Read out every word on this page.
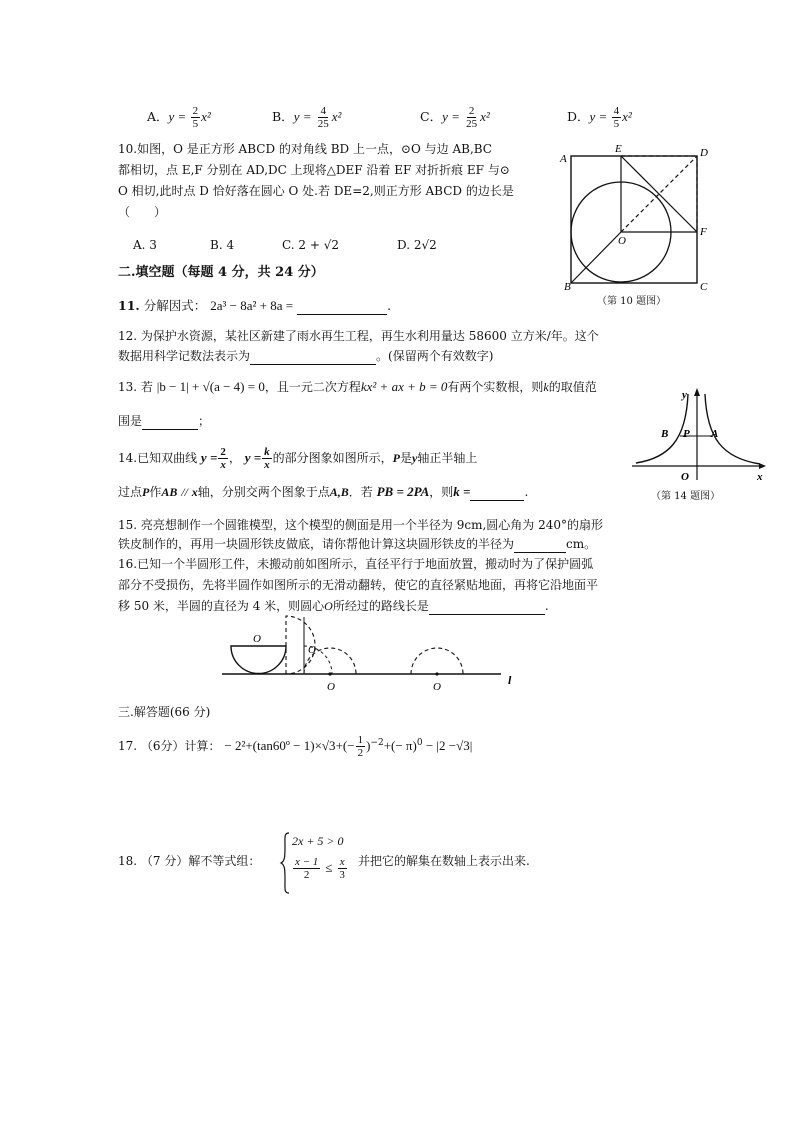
A．$y = \frac{2}{5} x^2$	B．$y = \frac{4}{25} x^2$	C．$y = \frac{2}{25} x^2$	D．$y = \frac{4}{5} x^2$
10.如图，O 是正方形 ABCD 的对角线 BD 上一点，⊙O 与边 AB,BC
都相切，点 E,F 分别在 AD,DC 上现将△DEF 沿着 EF 对折折痕 EF 与⊙
O 相切,此时点 D 恰好落在圆心 O 处.若 DE=2,则正方形 ABCD 的边长是
（　　）
A. 3	B. 4	C. 2 + √2	D. 2√2
A
E	D
O
F
B	C
（第 10 题图）
二.填空题（每题 4 分，共 24 分）
11. 分解因式： 2a³ − 8a² + 8a =	.
12. 为保护水资源，某社区新建了雨水再生工程，再生水利用量达 58600 立方米/年。这个
数据用科学记数法表示为	。(保留两个有效数字)
13. 若 |b − 1| + √(a − 4) = 0，且一元二次方程kx² + ax + b = 0有两个实数根，则k的取值范
围是	；
14.已知双曲线 $y = \frac{2}{x}$ ， $y = \frac{k}{x}$ 的部分图象如图所示，P是y轴正半轴上
过点P作AB // x轴，分别交两个图象于点A,B．若 PB = 2PA，则k =	.
y
B P A
O	x
（第 14 题图）
15. 亮亮想制作一个圆锥模型，这个模型的侧面是用一个半径为 9cm,圆心角为 240°的扇形
铁皮制作的，再用一块圆形铁皮做底，请你帮他计算这块圆形铁皮的半径为	cm。
16.已知一个半圆形工件，未搬动前如图所示，直径平行于地面放置，搬动时为了保护圆弧
部分不受损伤，先将半圆作如图所示的无滑动翻转，使它的直径紧贴地面，再将它沿地面平
移 50 米，半圆的直径为 4 米，则圆心O所经过的路线长是	.
O
O
O	O	l
三.解答题(66 分)
17. （6分）计算： − 2²+(tan60º − $1)\times√3+(- \frac{1}{2} )^{-2}+(- \pi)^0 - |2 -√3|$
18. （7 分）解不等式组：
2x + 5 > 0
$\frac{x - 1}{2} \le \frac{x}{3}$ 并把它的解集在数轴上表示出来.
